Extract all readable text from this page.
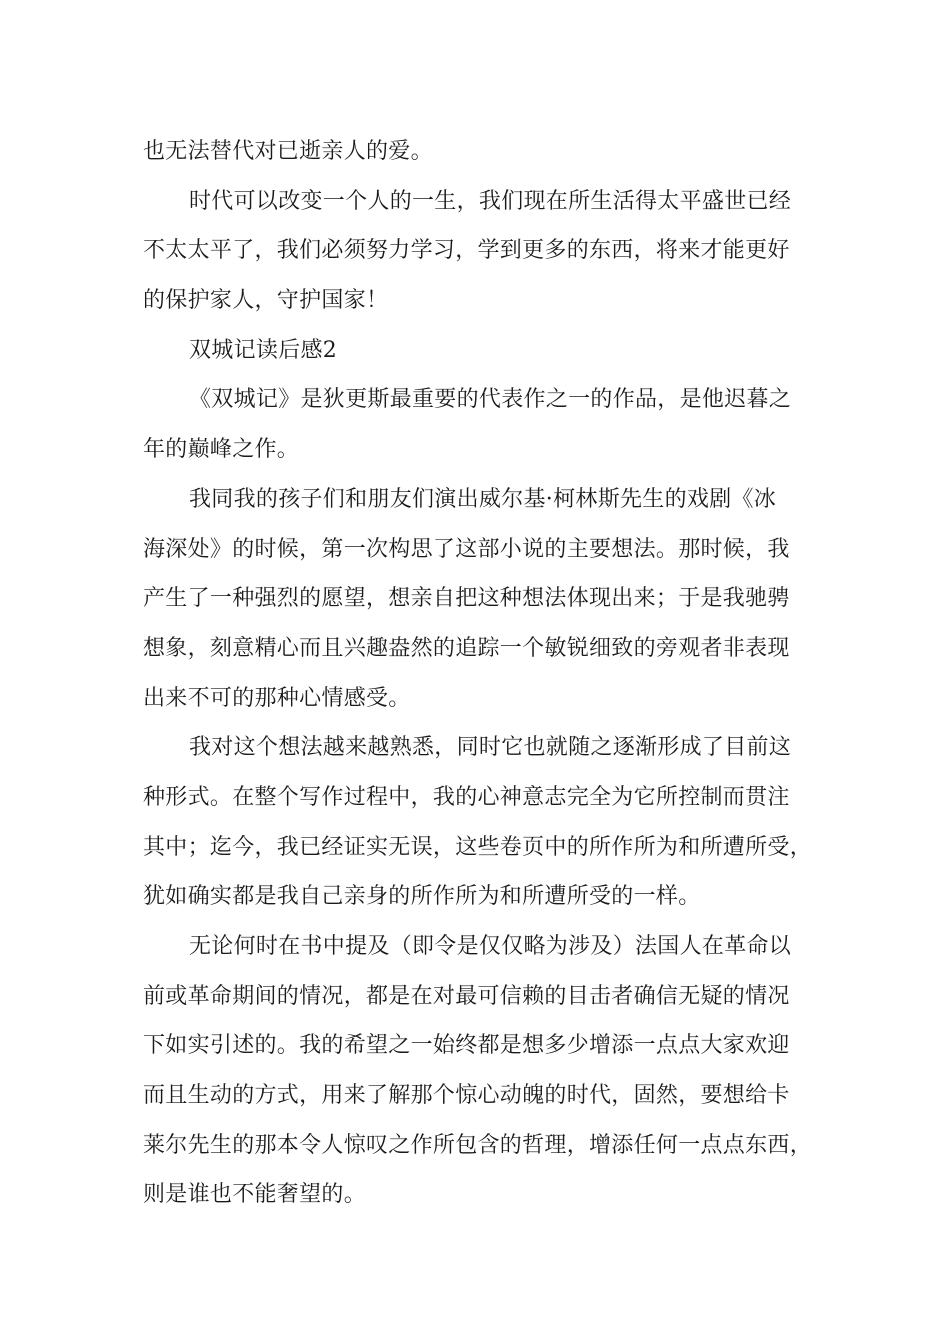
也无法替代对已逝亲人的爱。
时代可以改变一个人的一生，我们现在所生活得太平盛世已经
不太太平了，我们必须努力学习，学到更多的东西，将来才能更好
的保护家人，守护国家！
双城记读后感2
《双城记》是狄更斯最重要的代表作之一的作品，是他迟暮之
年的巅峰之作。
我同我的孩子们和朋友们演出威尔基·柯林斯先生的戏剧《冰
海深处》的时候，第一次构思了这部小说的主要想法。那时候，我
产生了一种强烈的愿望，想亲自把这种想法体现出来；于是我驰骋
想象，刻意精心而且兴趣盎然的追踪一个敏锐细致的旁观者非表现
出来不可的那种心情感受。
我对这个想法越来越熟悉，同时它也就随之逐渐形成了目前这
种形式。在整个写作过程中，我的心神意志完全为它所控制而贯注
其中；迄今，我已经证实无误，这些卷页中的所作所为和所遭所受，
犹如确实都是我自己亲身的所作所为和所遭所受的一样。
无论何时在书中提及（即令是仅仅略为涉及）法国人在革命以
前或革命期间的情况，都是在对最可信赖的目击者确信无疑的情况
下如实引述的。我的希望之一始终都是想多少增添一点点大家欢迎
而且生动的方式，用来了解那个惊心动魄的时代，固然，要想给卡
莱尔先生的那本令人惊叹之作所包含的哲理，增添任何一点点东西，
则是谁也不能奢望的。
